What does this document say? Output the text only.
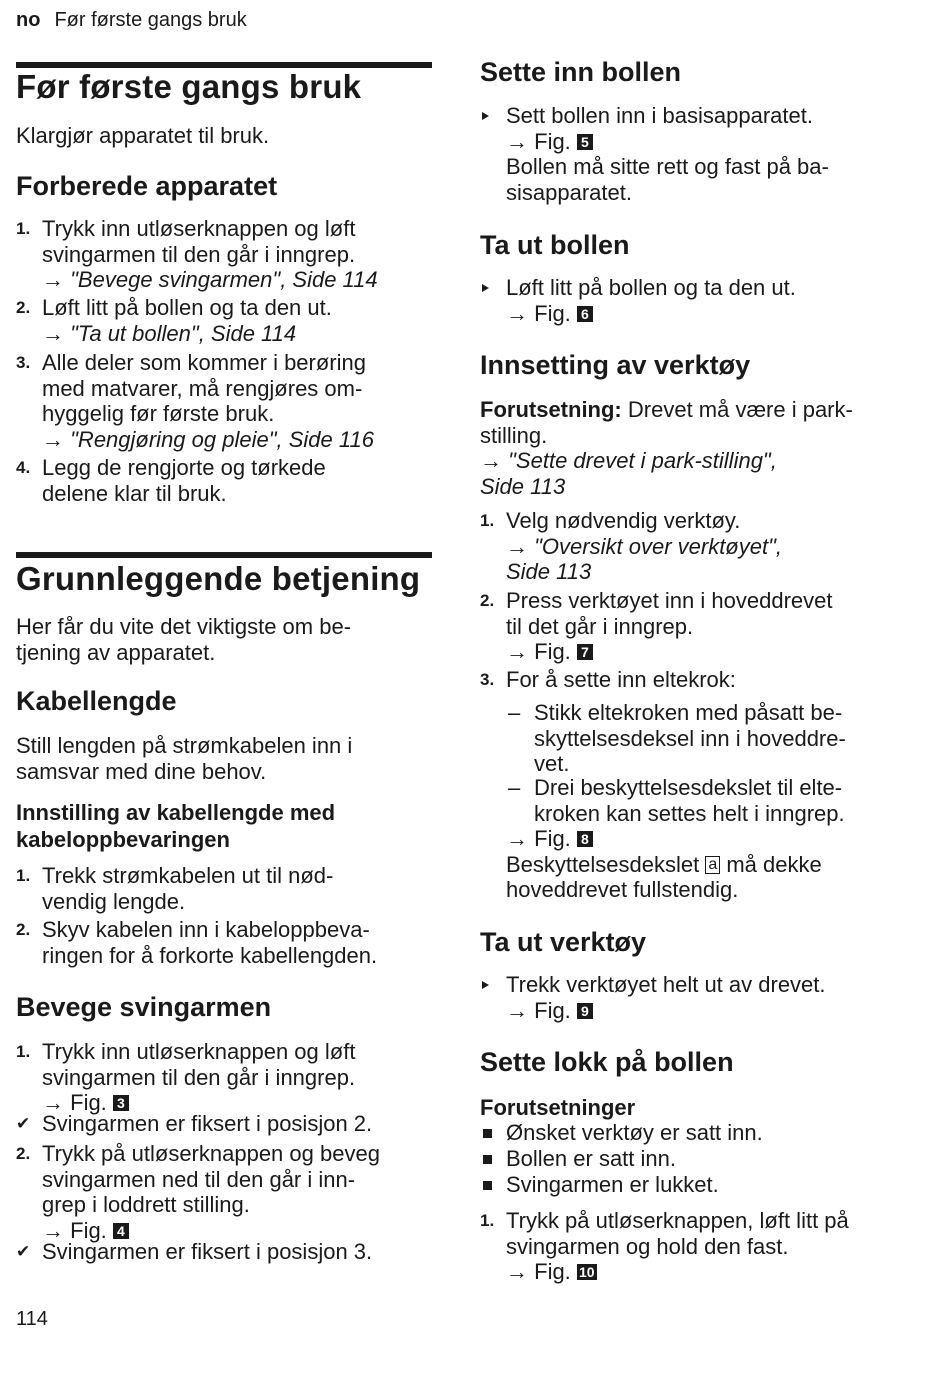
no Før første gangs bruk
Før første gangs bruk

Klargjør apparatet til bruk.

Forberede apparatet
1. Trykk inn utløserknappen og løft
svingarmen til den går i inngrep.
→ "Bevege svingarmen", Side 114
2. Løft litt på bollen og ta den ut.
→ "Ta ut bollen", Side 114
3. Alle deler som kommer i berøring
med matvarer, må rengjøres om-
hyggelig før første bruk.
→ "Rengjøring og pleie", Side 116
4. Legg de rengjorte og tørkede
delene klar til bruk.
Grunnleggende betjening
Her får du vite det viktigste om be-
tjening av apparatet.
Kabellengde
Still lengden på strømkabelen inn i
samsvar med dine behov.
Innstilling av kabellengde med
kabeloppbevaringen
1. Trekk strømkabelen ut til nød-
vendig lengde.
2. Skyv kabelen inn i kabeloppbeva-
ringen for å forkorte kabellengden.
Bevege svingarmen
1. Trykk inn utløserknappen og løft
svingarmen til den går i inngrep.
→ Fig. 3
✔ Svingarmen er fiksert i posisjon 2.
2. Trykk på utløserknappen og beveg
svingarmen ned til den går i inn-
grep i loddrett stilling.
→ Fig. 4
✔ Svingarmen er fiksert i posisjon 3.
Sette inn bollen
Sett bollen inn i basisapparatet.
→ Fig. 5
Bollen må sitte rett og fast på ba-
sisapparatet.
Ta ut bollen
Løft litt på bollen og ta den ut.
→ Fig. 6
Innsetting av verktøy
Forutsetning: Drevet må være i park-
stilling.
→ "Sette drevet i park-stilling",
Side 113
1. Velg nødvendig verktøy.
→ "Oversikt over verktøyet",
Side 113
2. Press verktøyet inn i hoveddrevet
til det går i inngrep.
→ Fig. 7
3. For å sette inn eltekrok:
– Stikk eltekroken med påsatt be-
skyttelsesdeksel inn i hoveddre-
vet.
– Drei beskyttelsesdekslet til elte-
kroken kan settes helt i inngrep.
→ Fig. 8
Beskyttelsesdekslet a må dekke
hoveddrevet fullstendig.
Ta ut verktøy
Trekk verktøyet helt ut av drevet.
→ Fig. 9
Sette lokk på bollen
Forutsetninger
Ønsket verktøy er satt inn.
Bollen er satt inn.
Svingarmen er lukket.
1. Trykk på utløserknappen, løft litt på
svingarmen og hold den fast.
→ Fig. 10
114
